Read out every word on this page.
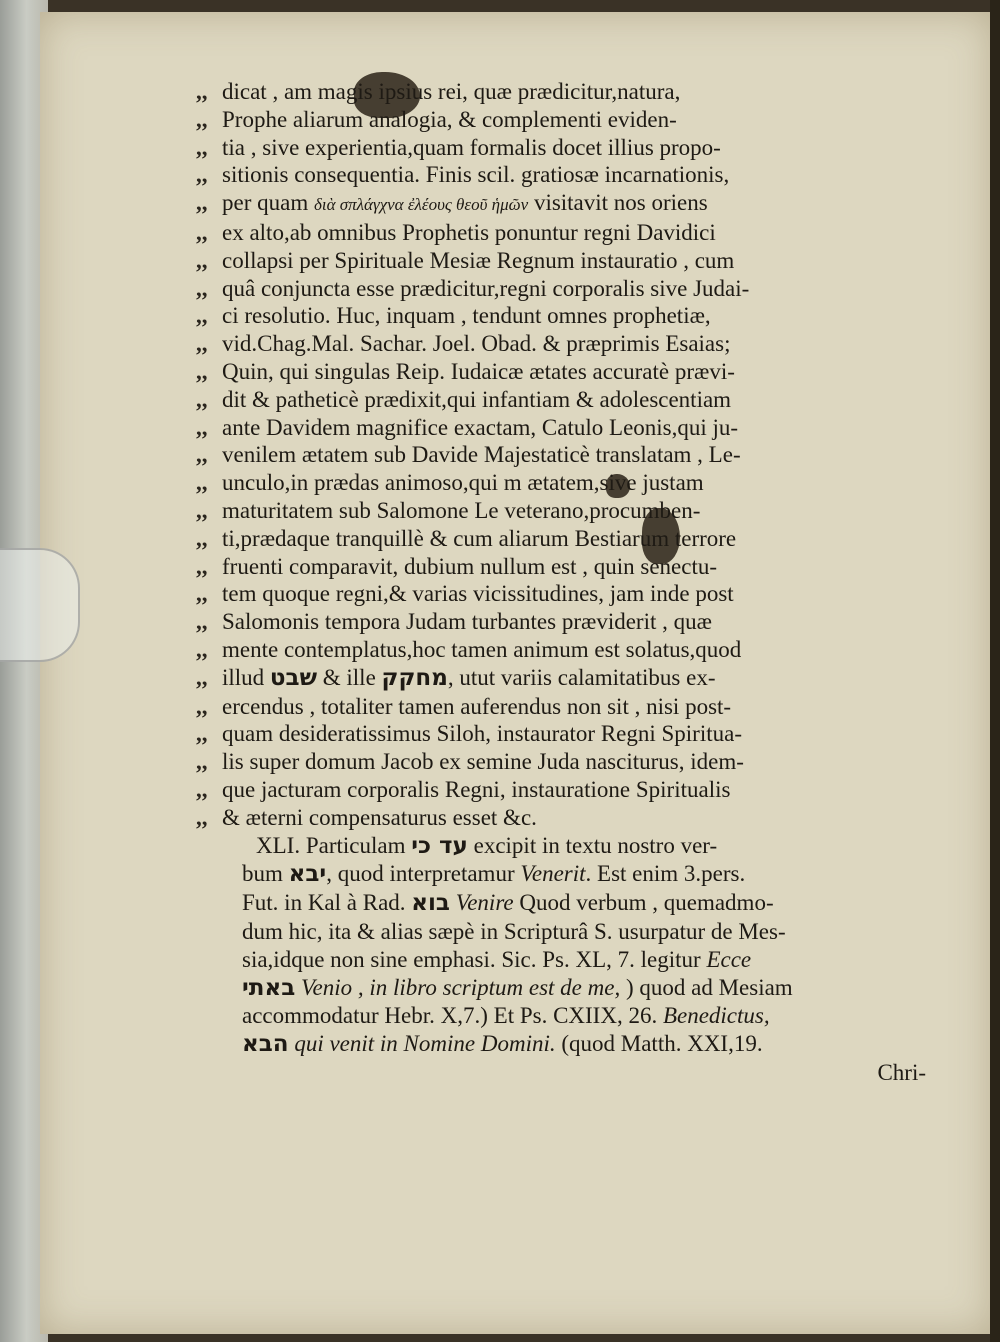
,, dicat , am magis ipsius rei, quæ prædicitur,natura,

,, Prophe aliarum analogia, & complementi eviden-

,, tia , sive experientia,quam formalis docet illius propo-

,, sitionis consequentia. Finis scil. gratiosæ incarnationis,

,, per quam διὰ σπλάγχνα ἐλέους θεοῦ ἡμῶν visitavit nos oriens

,, ex alto,ab omnibus Prophetis ponuntur regni Davidici

,, collapsi per Spirituale Mesiæ Regnum instauratio , cum

,, quâ conjuncta esse prædicitur,regni corporalis sive Judai-

,, ci resolutio. Huc, inquam , tendunt omnes prophetiæ,

,, vid.Chag.Mal. Sachar. Joel. Obad. & præprimis Esaias;

,, Quin, qui singulas Reip. Iudaicæ ætates accuratè prævi-

,, dit & patheticè prædixit,qui infantiam & adolescentiam

,, ante Davidem magnifice exactam, Catulo Leonis,qui ju-

,, venilem ætatem sub Davide Majestaticè translatam , Le-

,, unculo,in prædas animoso,qui m ætatem,sive justam

,, maturitatem sub Salomone Le veterano,procumben-

,, ti,prædaque tranquillè & cum aliarum Bestiarum terrore

,, fruenti comparavit, dubium nullum est , quin senectu-

,, tem quoque regni,& varias vicissitudines, jam inde post

,, Salomonis tempora Judam turbantes præviderit , quæ

,, mente contemplatus,hoc tamen animum est solatus,quod

,, illud שבט & ille מחקק, utut variis calamitatibus ex-

,, ercendus , totaliter tamen auferendus non sit , nisi post-

,, quam desideratissimus Siloh, instaurator Regni Spiritua-

,, lis super domum Jacob ex semine Juda nasciturus, idem-

,, que jacturam corporalis Regni, instauratione Spiritualis

,, & æterni compensaturus esset &c.

XLI. Particulam עד כי excipit in textu nostro ver-

bum יבא, quod interpretamur Venerit. Est enim 3.pers.

Fut. in Kal à Rad. בוא Venire Quod verbum , quemadmo-

dum hic, ita & alias sæpè in Scripturâ S. usurpatur de Mes-

sia,idque non sine emphasi. Sic. Ps. XL, 7. legitur Ecce

באתי Venio , in libro scriptum est de me, ) quod ad Mesiam

accommodatur Hebr. X,7.) Et Ps. CXIIX, 26. Benedictus,

הבא qui venit in Nomine Domini. (quod Matth. XXI,19.

Chri-
